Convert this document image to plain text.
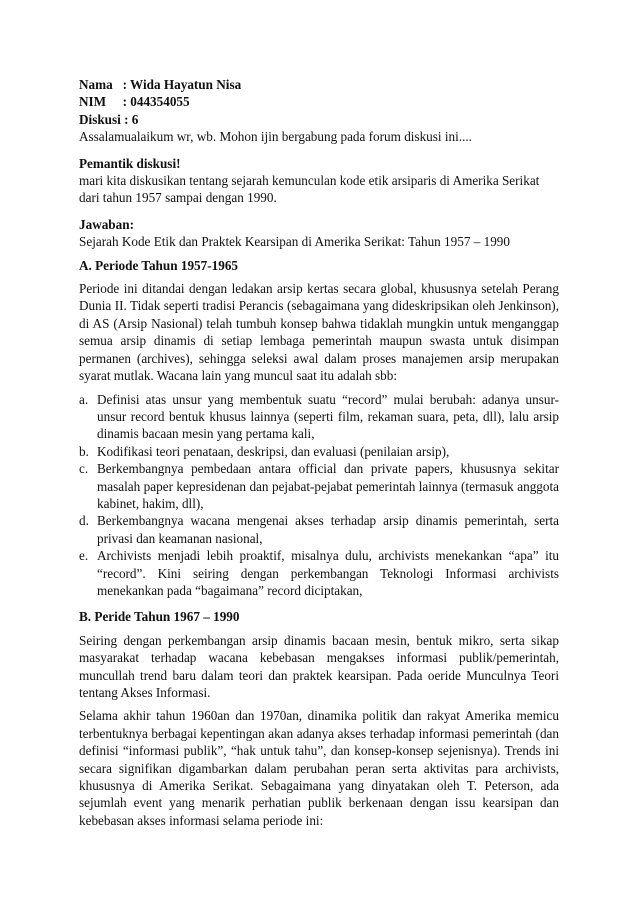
Nama   : Wida Hayatun Nisa
NIM     : 044354055
Diskusi : 6
Assalamualaikum wr, wb. Mohon ijin bergabung pada forum diskusi ini....
Pemantik diskusi!
mari kita diskusikan tentang sejarah kemunculan kode etik arsiparis di Amerika Serikat dari tahun 1957 sampai dengan 1990.
Jawaban:
Sejarah Kode Etik dan Praktek Kearsipan di Amerika Serikat: Tahun 1957 – 1990
A. Periode Tahun 1957-1965

Periode ini ditandai dengan ledakan arsip kertas secara global, khususnya setelah Perang Dunia II. Tidak seperti tradisi Perancis (sebagaimana yang dideskripsikan oleh Jenkinson), di AS (Arsip Nasional) telah tumbuh konsep bahwa tidaklah mungkin untuk menganggap semua arsip dinamis di setiap lembaga pemerintah maupun swasta untuk disimpan permanen (archives), sehingga seleksi awal dalam proses manajemen arsip merupakan syarat mutlak. Wacana lain yang muncul saat itu adalah sbb:

a. Definisi atas unsur yang membentuk suatu “record” mulai berubah: adanya unsur-unsur record bentuk khusus lainnya (seperti film, rekaman suara, peta, dll), lalu arsip dinamis bacaan mesin yang pertama kali,
b. Kodifikasi teori penataan, deskripsi, dan evaluasi (penilaian arsip),
c. Berkembangnya pembedaan antara official dan private papers, khususnya sekitar masalah paper kepresidenan dan pejabat-pejabat pemerintah lainnya (termasuk anggota kabinet, hakim, dll),
d. Berkembangnya wacana mengenai akses terhadap arsip dinamis pemerintah, serta privasi dan keamanan nasional,
e. Archivists menjadi lebih proaktif, misalnya dulu, archivists menekankan “apa” itu “record”. Kini seiring dengan perkembangan Teknologi Informasi archivists menekankan pada “bagaimana” record diciptakan,
B. Peride Tahun 1967 – 1990

Seiring dengan perkembangan arsip dinamis bacaan mesin, bentuk mikro, serta sikap masyarakat terhadap wacana kebebasan mengakses informasi publik/pemerintah, muncullah trend baru dalam teori dan praktek kearsipan. Pada oeride Munculnya Teori tentang Akses Informasi.

Selama akhir tahun 1960an dan 1970an, dinamika politik dan rakyat Amerika memicu terbentuknya berbagai kepentingan akan adanya akses terhadap informasi pemerintah (dan definisi “informasi publik”, “hak untuk tahu”, dan konsep-konsep sejenisnya). Trends ini secara signifikan digambarkan dalam perubahan peran serta aktivitas para archivists, khususnya di Amerika Serikat. Sebagaimana yang dinyatakan oleh T. Peterson, ada sejumlah event yang menarik perhatian publik berkenaan dengan issu kearsipan dan kebebasan akses informasi selama periode ini:
